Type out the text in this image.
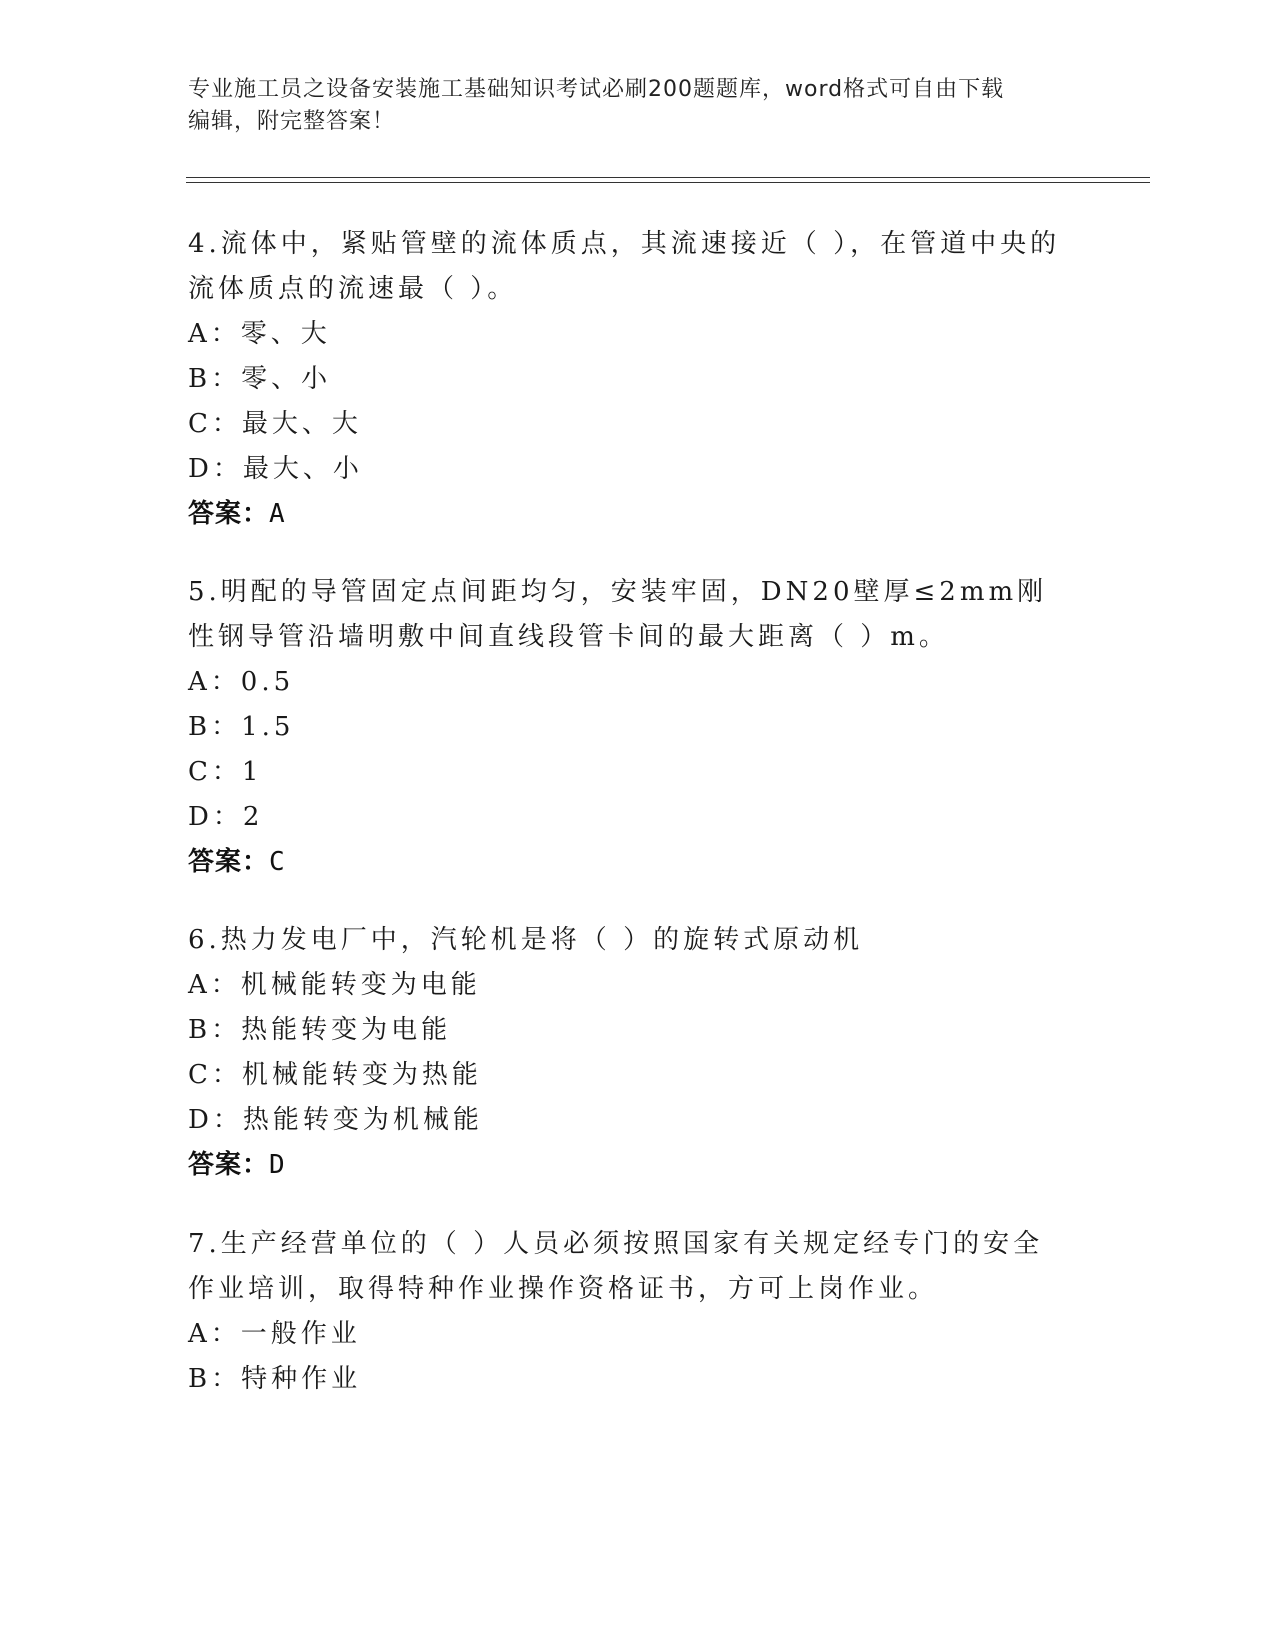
专业施工员之设备安装施工基础知识考试必刷200题题库，word格式可自由下载
编辑，附完整答案！
4.流体中，紧贴管壁的流体质点，其流速接近（ ），在管道中央的流体质点的流速最（ ）。
A：零、大
B：零、小
C：最大、大
D：最大、小
答案：A
5.明配的导管固定点间距均匀，安装牢固，DN20壁厚≤2mm刚性钢导管沿墙明敷中间直线段管卡间的最大距离（ ）m。
A：0.5
B：1.5
C：1
D：2
答案：C
6.热力发电厂中，汽轮机是将（ ）的旋转式原动机
A：机械能转变为电能
B：热能转变为电能
C：机械能转变为热能
D：热能转变为机械能
答案：D
7.生产经营单位的（ ）人员必须按照国家有关规定经专门的安全作业培训，取得特种作业操作资格证书，方可上岗作业。
A：一般作业
B：特种作业
